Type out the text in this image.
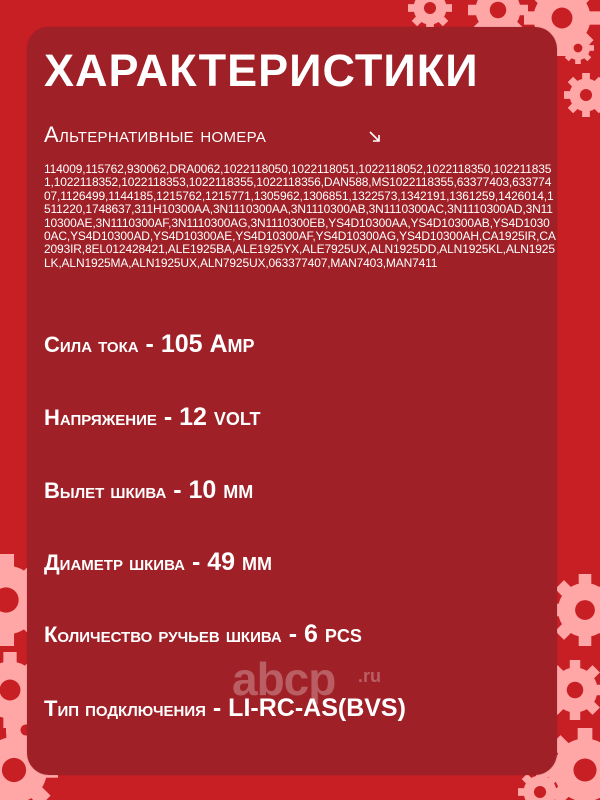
ХАРАКТЕРИСТИКИ
Альтернативные номера
114009,115762,930062,DRA0062,1022118050,1022118051,1022118052,1022118350,1022118351,1022118352,1022118353,1022118355,1022118356,DAN588,MS1022118355,63377403,63377407,1126499,1144185,1215762,1215771,1305962,1306851,1322573,1342191,1361259,1426014,1511220,1748637,311H10300AA,3N1110300AA,3N1110300AB,3N1110300AC,3N1110300AD,3N1110300AE,3N1110300AF,3N1110300AG,3N1110300EB,YS4D10300AA,YS4D10300AB,YS4D10300AC,YS4D10300AD,YS4D10300AE,YS4D10300AF,YS4D10300AG,YS4D10300AH,CA1925IR,CA2093IR,8EL012428421,ALE1925BA,ALE1925YX,ALE7925UX,ALN1925DD,ALN1925KL,ALN1925LK,ALN1925MA,ALN1925UX,ALN7925UX,063377407,MAN7403,MAN7411
Сила тока - 105 Amp
Напряжение - 12 volt
Вылет шкива - 10 мм
Диаметр шкива - 49 мм
Количество ручьев шкива - 6 pcs
Тип подключения - LI-RC-AS(BVS)
abcp .ru
